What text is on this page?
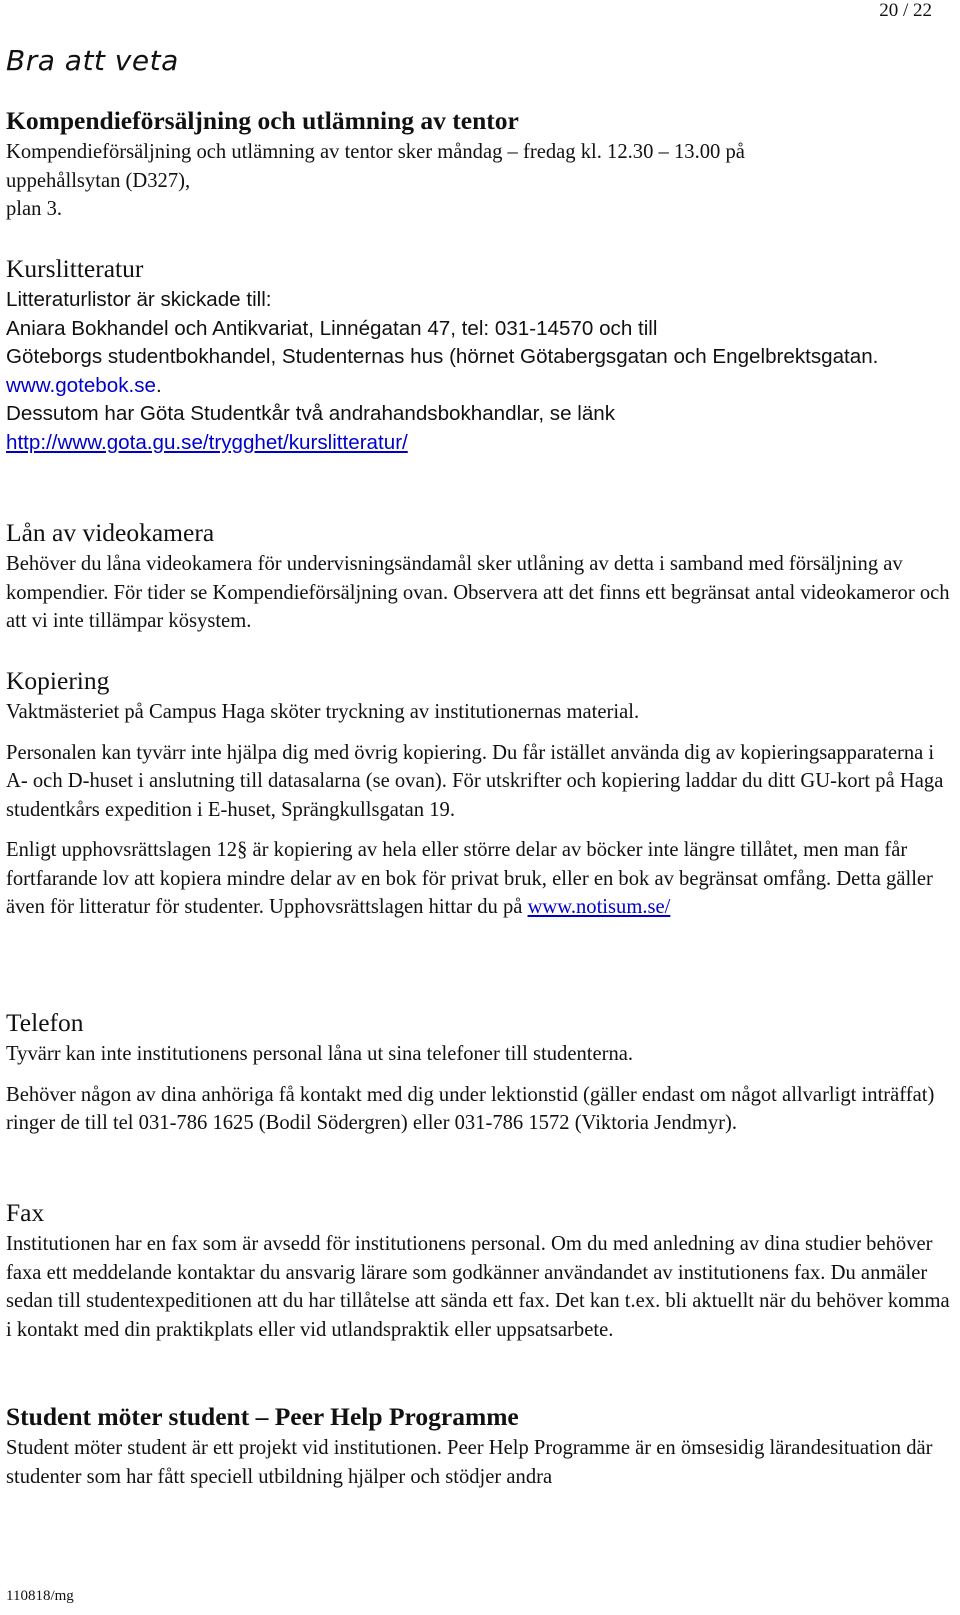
20 / 22
Bra att veta
Kompendieförsäljning och utlämning av tentor

Kompendieförsäljning och utlämning av tentor sker måndag – fredag kl. 12.30 – 13.00 på

uppehållsytan (D327),

plan 3.

Kurslitteratur

Litteraturlistor är skickade till:

Aniara Bokhandel och Antikvariat, Linnégatan 47, tel: 031-14570 och till

Göteborgs studentbokhandel, Studenternas hus (hörnet Götabergsgatan och Engelbrektsgatan.

www.gotebok.se.

Dessutom har Göta Studentkår två andrahandsbokhandlar, se länk

http://www.gota.gu.se/trygghet/kurslitteratur/

Lån av videokamera

Behöver du låna videokamera för undervisningsändamål sker utlåning av detta i samband med försäljning av kompendier. För tider se Kompendieförsäljning ovan. Observera att det finns ett begränsat antal videokameror och att vi inte tillämpar kösystem.

Kopiering

Vaktmästeriet på Campus Haga sköter tryckning av institutionernas material.

Personalen kan tyvärr inte hjälpa dig med övrig kopiering. Du får istället använda dig av kopieringsapparaterna i A- och D-huset i anslutning till datasalarna (se ovan). För utskrifter och kopiering laddar du ditt GU-kort på Haga studentkårs expedition i E-huset, Sprängkullsgatan 19.

Enligt upphovsrättslagen 12§ är kopiering av hela eller större delar av böcker inte längre tillåtet, men man får fortfarande lov att kopiera mindre delar av en bok för privat bruk, eller en bok av begränsat omfång. Detta gäller även för litteratur för studenter. Upphovsrättslagen hittar du på www.notisum.se/

Telefon

Tyvärr kan inte institutionens personal låna ut sina telefoner till studenterna.

Behöver någon av dina anhöriga få kontakt med dig under lektionstid (gäller endast om något allvarligt inträffat) ringer de till tel 031-786 1625 (Bodil Södergren) eller 031-786 1572 (Viktoria Jendmyr).

Fax

Institutionen har en fax som är avsedd för institutionens personal. Om du med anledning av dina studier behöver faxa ett meddelande kontaktar du ansvarig lärare som godkänner användandet av institutionens fax. Du anmäler sedan till studentexpeditionen att du har tillåtelse att sända ett fax. Det kan t.ex. bli aktuellt när du behöver komma i kontakt med din praktikplats eller vid utlandspraktik eller uppsatsarbete.

Student möter student – Peer Help Programme

Student möter student är ett projekt vid institutionen. Peer Help Programme är en ömsesidig lärandesituation där studenter som har fått speciell utbildning hjälper och stödjer andra

110818/mg
